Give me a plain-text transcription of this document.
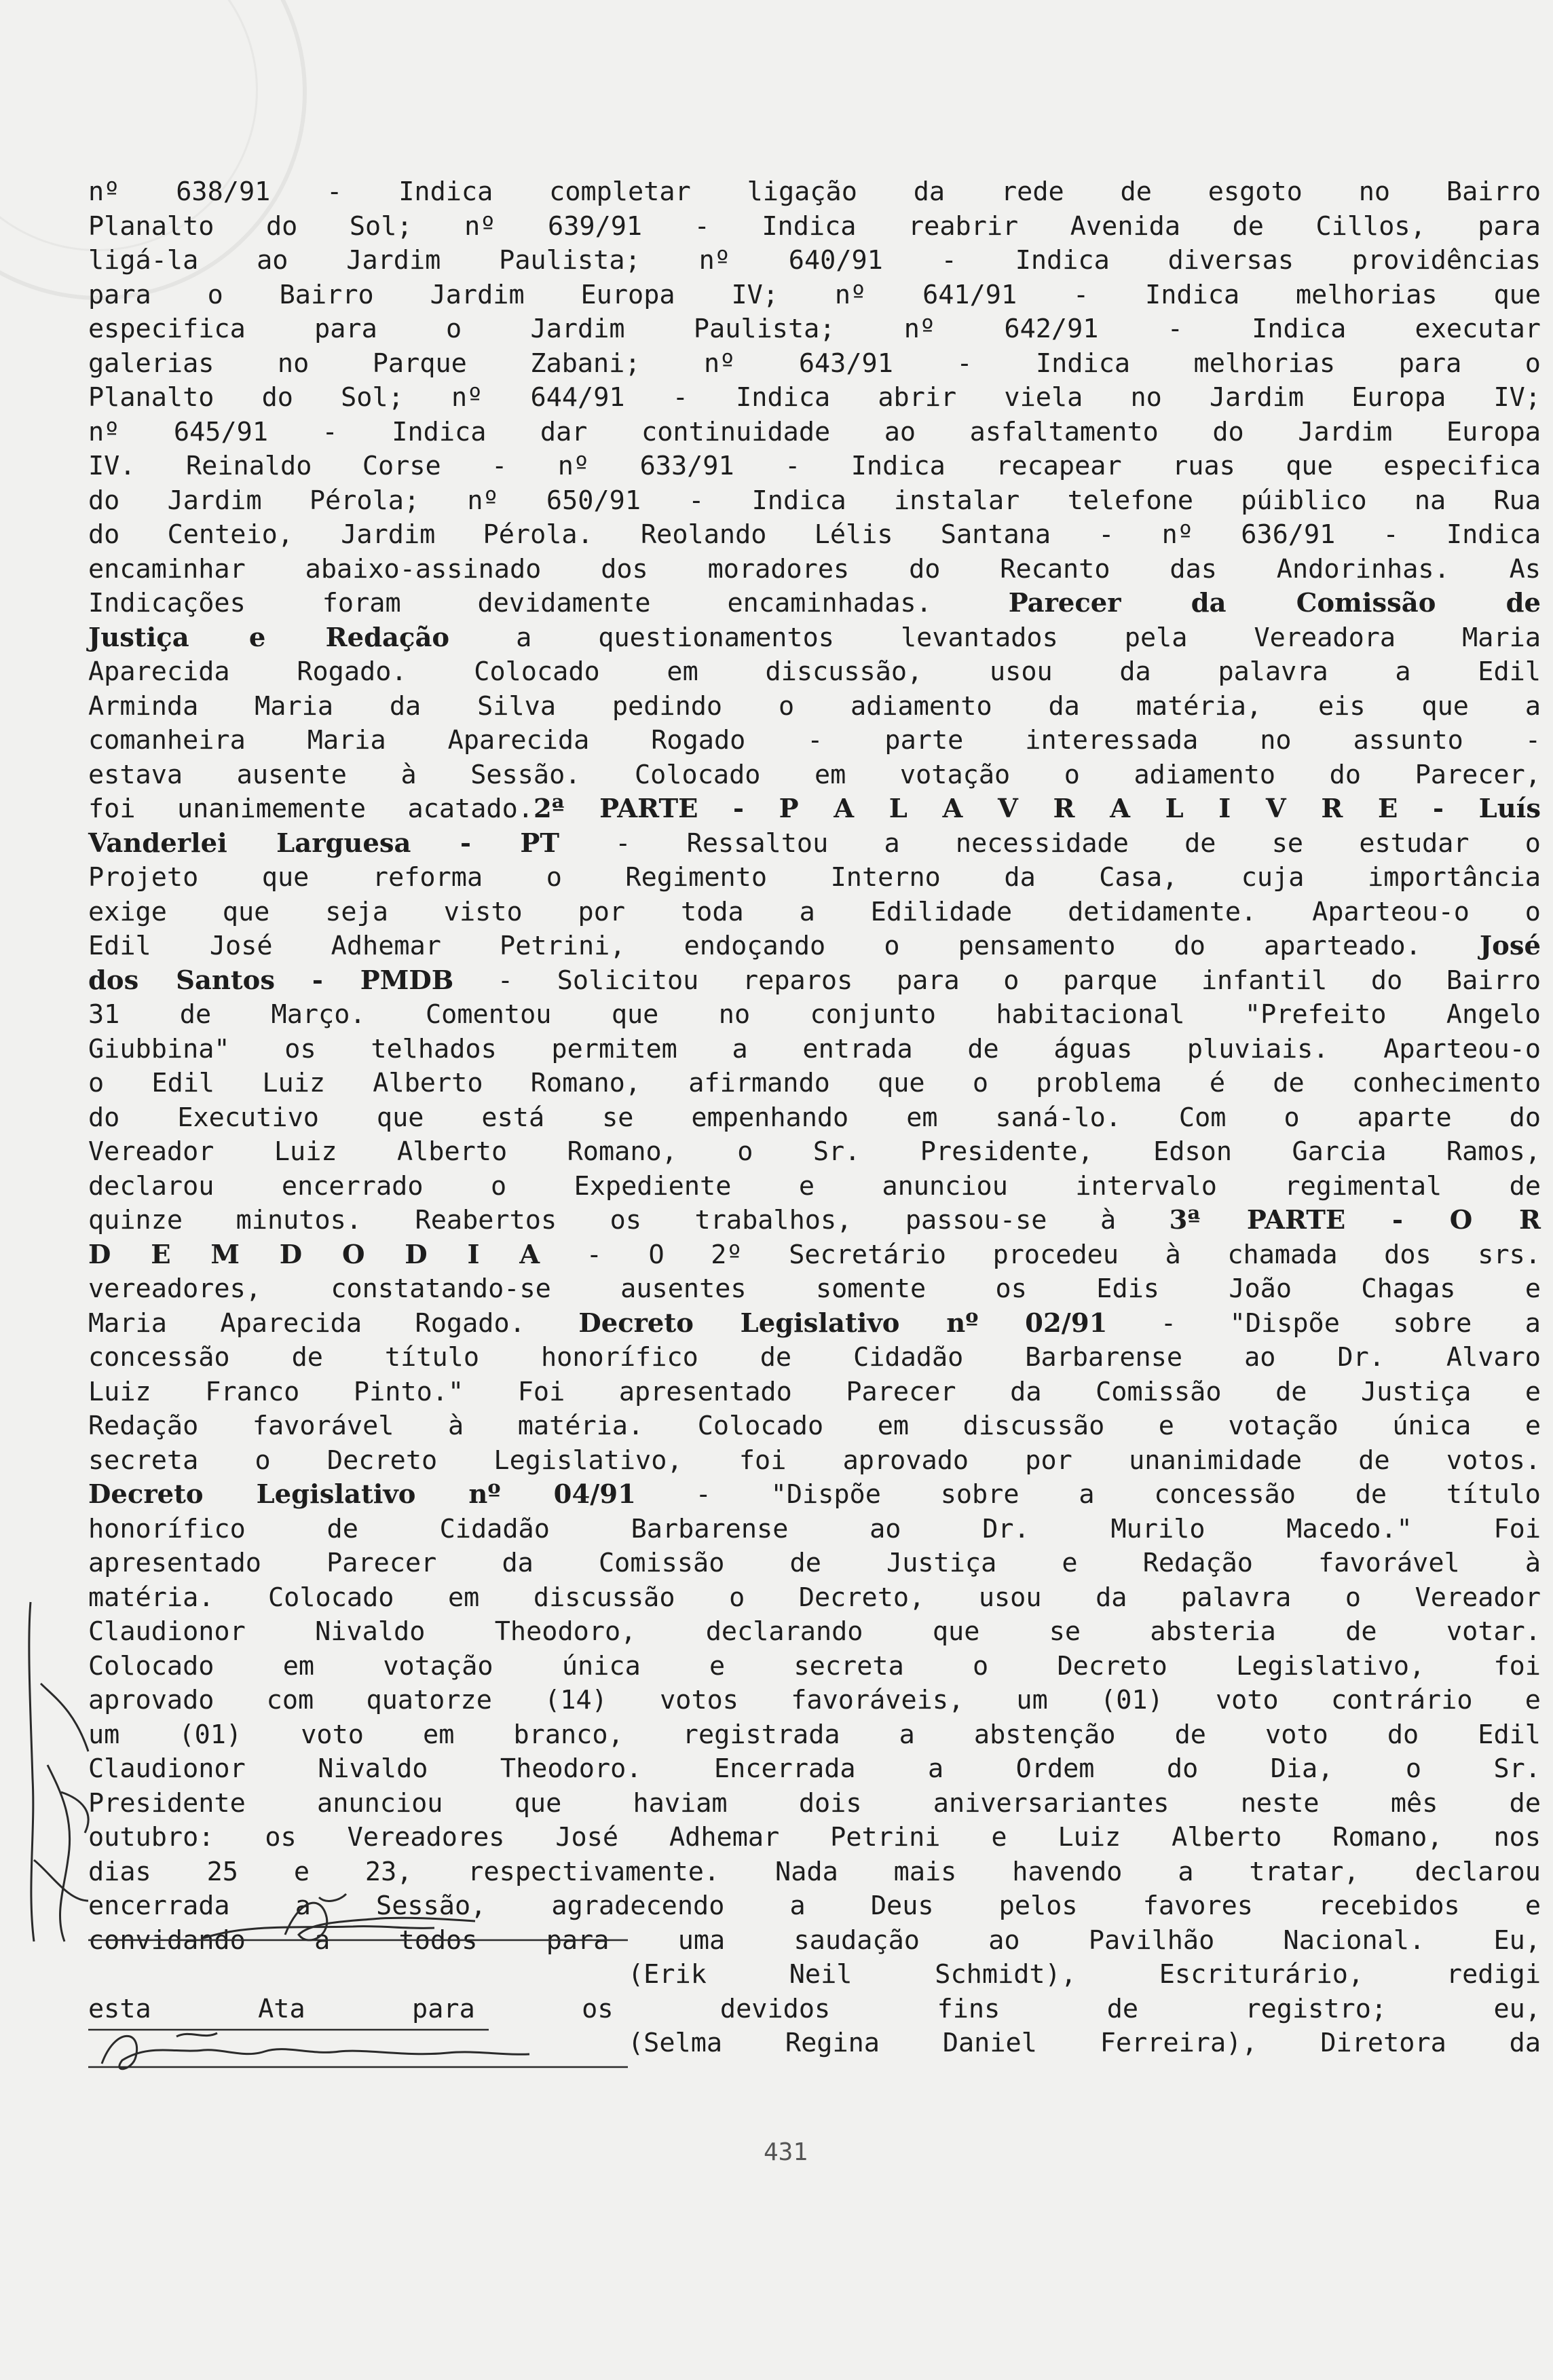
nº 638/91 - Indica completar ligação da rede de esgoto no Bairro
Planalto do Sol; nº 639/91 - Indica reabrir Avenida de Cillos, para
ligá-la ao Jardim Paulista; nº 640/91 - Indica diversas providências
para o Bairro Jardim Europa IV; nº 641/91 - Indica melhorias que
especifica para o Jardim Paulista; nº 642/91 - Indica executar
galerias no Parque Zabani; nº 643/91 - Indica melhorias para o
Planalto do Sol; nº 644/91 - Indica abrir viela no Jardim Europa IV;
nº 645/91 - Indica dar continuidade ao asfaltamento do Jardim Europa
IV. Reinaldo Corse - nº 633/91 - Indica recapear ruas que especifica
do Jardim Pérola; nº 650/91 - Indica instalar telefone púiblico na Rua
do Centeio, Jardim Pérola. Reolando Lélis Santana - nº 636/91 - Indica
encaminhar abaixo-assinado dos moradores do Recanto das Andorinhas. As
Indicações foram devidamente encaminhadas. Parecer da Comissão de
Justiça e Redação a questionamentos levantados pela Vereadora Maria
Aparecida Rogado. Colocado em discussão, usou da palavra a Edil
Arminda Maria da Silva pedindo o adiamento da matéria, eis que a
comanheira Maria Aparecida Rogado - parte interessada no assunto -
estava ausente à Sessão. Colocado em votação o adiamento do Parecer,
foi unanimemente acatado.2ª PARTE - P A L A V R A L I V R E - Luís
Vanderlei Larguesa - PT - Ressaltou a necessidade de se estudar o
Projeto que reforma o Regimento Interno da Casa, cuja importância
exige que seja visto por toda a Edilidade detidamente. Aparteou-o o
Edil José Adhemar Petrini, endoçando o pensamento do aparteado. José
dos Santos - PMDB - Solicitou reparos para o parque infantil do Bairro
31 de Março. Comentou que no conjunto habitacional "Prefeito Angelo
Giubbina" os telhados permitem a entrada de águas pluviais. Aparteou-o
o Edil Luiz Alberto Romano, afirmando que o problema é de conhecimento
do Executivo que está se empenhando em saná-lo. Com o aparte do
Vereador Luiz Alberto Romano, o Sr. Presidente, Edson Garcia Ramos,
declarou encerrado o Expediente e anunciou intervalo regimental de
quinze minutos. Reabertos os trabalhos, passou-se à 3ª PARTE - O R
D E M D O D I A - O 2º Secretário procedeu à chamada dos srs.
vereadores, constatando-se ausentes somente os Edis João Chagas e
Maria Aparecida Rogado. Decreto Legislativo nº 02/91 - "Dispõe sobre a
concessão de título honorífico de Cidadão Barbarense ao Dr. Alvaro
Luiz Franco Pinto." Foi apresentado Parecer da Comissão de Justiça e
Redação favorável à matéria. Colocado em discussão e votação única e
secreta o Decreto Legislativo, foi aprovado por unanimidade de votos.
Decreto Legislativo nº 04/91 - "Dispõe sobre a concessão de título
honorífico de Cidadão Barbarense ao Dr. Murilo Macedo." Foi
apresentado Parecer da Comissão de Justiça e Redação favorável à
matéria. Colocado em discussão o Decreto, usou da palavra o Vereador
Claudionor Nivaldo Theodoro, declarando que se absteria de votar.
Colocado em votação única e secreta o Decreto Legislativo, foi
aprovado com quatorze (14) votos favoráveis, um (01) voto contrário e
um (01) voto em branco, registrada a abstenção de voto do Edil
Claudionor Nivaldo Theodoro. Encerrada a Ordem do Dia, o Sr.
Presidente anunciou que haviam dois aniversariantes neste mês de
outubro: os Vereadores José Adhemar Petrini e Luiz Alberto Romano, nos
dias 25 e 23, respectivamente. Nada mais havendo a tratar, declarou
encerrada a Sessão, agradecendo a Deus pelos favores recebidos e
convidando a todos para uma saudação ao Pavilhão Nacional. Eu,
(Erik Neil Schmidt), Escriturário, redigi
esta Ata para os devidos fins de registro; eu,
(Selma Regina Daniel Ferreira), Diretora da
431
